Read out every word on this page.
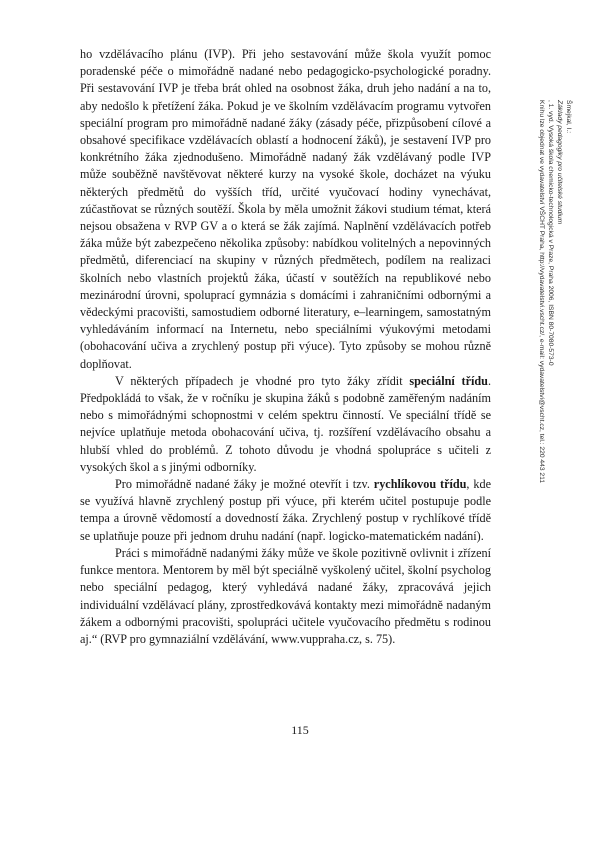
ho vzdělávacího plánu (IVP). Při jeho sestavování může škola využít pomoc poradenské péče o mimořádně nadané nebo pedagogicko-psychologické poradny. Při sestavování IVP je třeba brát ohled na osobnost žáka, druh jeho nadání a na to, aby nedošlo k přetížení žáka. Pokud je ve školním vzdělávacím programu vytvořen speciální program pro mimořádně nadané žáky (zásady péče, přizpůsobení cílové a obsahové specifikace vzdělávacích oblastí a hodnocení žáků), je sestavení IVP pro konkrétního žáka zjednodušeno. Mimořádně nadaný žák vzdělávaný podle IVP může souběžně navštěvovat některé kurzy na vysoké škole, docházet na výuku některých předmětů do vyšších tříd, určité vyučovací hodiny vynechávat, zúčastňovat se různých soutěží. Škola by měla umožnit žákovi studium témat, která nejsou obsažena v RVP GV a o která se žák zajímá. Naplnění vzdělávacích potřeb žáka může být zabezpečeno několika způsoby: nabídkou volitelných a nepovinných předmětů, diferenciací na skupiny v různých předmětech, podílem na realizaci školních nebo vlastních projektů žáka, účastí v soutěžích na republikové nebo mezinárodní úrovni, spoluprací gymnázia s domácími i zahraničními odbornými a vědeckými pracovišti, samostudiem odborné literatury, e–learningem, samostatným vyhledáváním informací na Internetu, nebo speciálními výukovými metodami (obohacování učiva a zrychlený postup při výuce). Tyto způsoby se mohou různě doplňovat.

V některých případech je vhodné pro tyto žáky zřídit speciální třídu. Předpokládá to však, že v ročníku je skupina žáků s podobně zaměřeným nadáním nebo s mimořádnými schopnostmi v celém spektru činností. Ve speciální třídě se nejvíce uplatňuje metoda obohacování učiva, tj. rozšíření vzdělávacího obsahu a hlubší vhled do problémů. Z tohoto důvodu je vhodná spolupráce s učiteli z vysokých škol a s jinými odborníky.

Pro mimořádně nadané žáky je možné otevřít i tzv. rychlíkovou třídu, kde se využívá hlavně zrychlený postup při výuce, při kterém učitel postupuje podle tempa a úrovně vědomostí a dovedností žáka. Zrychlený postup v rychlíkové třídě se uplatňuje pouze při jednom druhu nadání (např. logicko-matematickém nadání).

Práci s mimořádně nadanými žáky může ve škole pozitivně ovlivnit i zřízení funkce mentora. Mentorem by měl být speciálně vyškolený učitel, školní psycholog nebo speciální pedagog, který vyhledává nadané žáky, zpracovává jejich individuální vzdělávací plány, zprostředkovává kontakty mezi mimořádně nadaným žákem a odbornými pracovišti, spolupráci učitele vyučovacího předmětu s rodinou aj.“ (RVP pro gymnaziální vzdělávání, www.vuppraha.cz, s. 75).

115
Šmejkal, I.:
Základy pedagogiky pro učitelské studium
, 1. vyd. Vysoká škola chemicko-technologická v Praze, Praha 2006, ISBN 80-7080-573-0
Knihu lze objednat ve vydavatelství VŠCHT Praha, http://vydavatelstvi.vscht.cz/, e-mail: vydavatelstvi@vscht.cz, tel.: 220 443 211
